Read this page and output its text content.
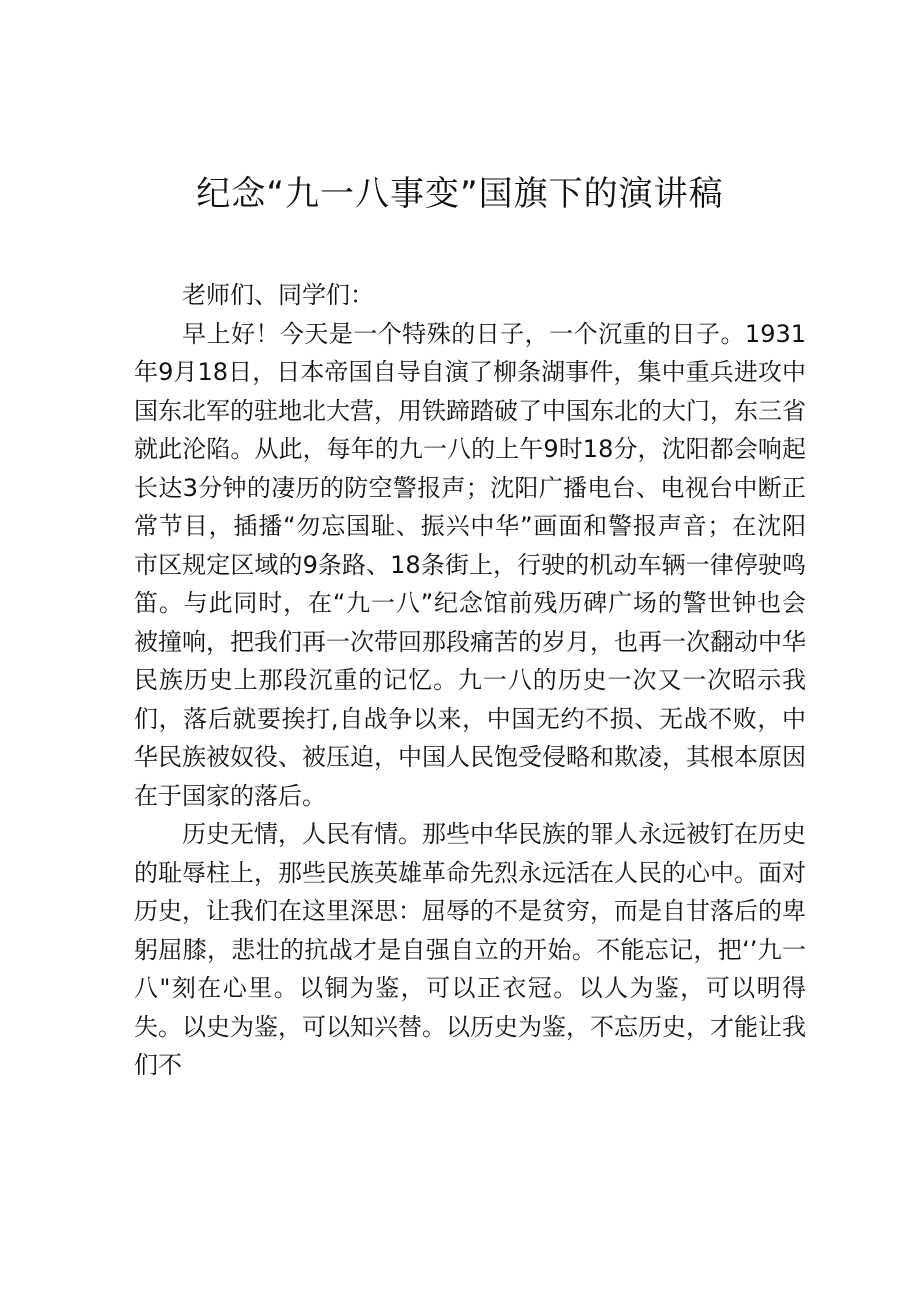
纪念“九一八事变”国旗下的演讲稿

老师们、同学们：

早上好！今天是一个特殊的日子，一个沉重的日子。1931年9月18日，日本帝国自导自演了柳条湖事件，集中重兵进攻中国东北军的驻地北大营，用铁蹄踏破了中国东北的大门，东三省就此沦陷。从此，每年的九一八的上午9时18分，沈阳都会响起长达3分钟的凄历的防空警报声；沈阳广播电台、电视台中断正常节目，插播“勿忘国耻、振兴中华”画面和警报声音；在沈阳市区规定区域的9条路、18条街上，行驶的机动车辆一律停驶鸣笛。与此同时，在“九一八”纪念馆前残历碑广场的警世钟也会被撞响，把我们再一次带回那段痛苦的岁月，也再一次翻动中华民族历史上那段沉重的记忆。九一八的历史一次又一次昭示我们，落后就要挨打,自战争以来，中国无约不损、无战不败，中华民族被奴役、被压迫，中国人民饱受侵略和欺凌，其根本原因在于国家的落后。

历史无情，人民有情。那些中华民族的罪人永远被钉在历史的耻辱柱上，那些民族英雄革命先烈永远活在人民的心中。面对历史，让我们在这里深思：屈辱的不是贫穷，而是自甘落后的卑躬屈膝，悲壮的抗战才是自强自立的开始。不能忘记，把‘’九一八"刻在心里。以铜为鉴，可以正衣冠。以人为鉴，可以明得失。以史为鉴，可以知兴替。以历史为鉴，不忘历史，才能让我们不
